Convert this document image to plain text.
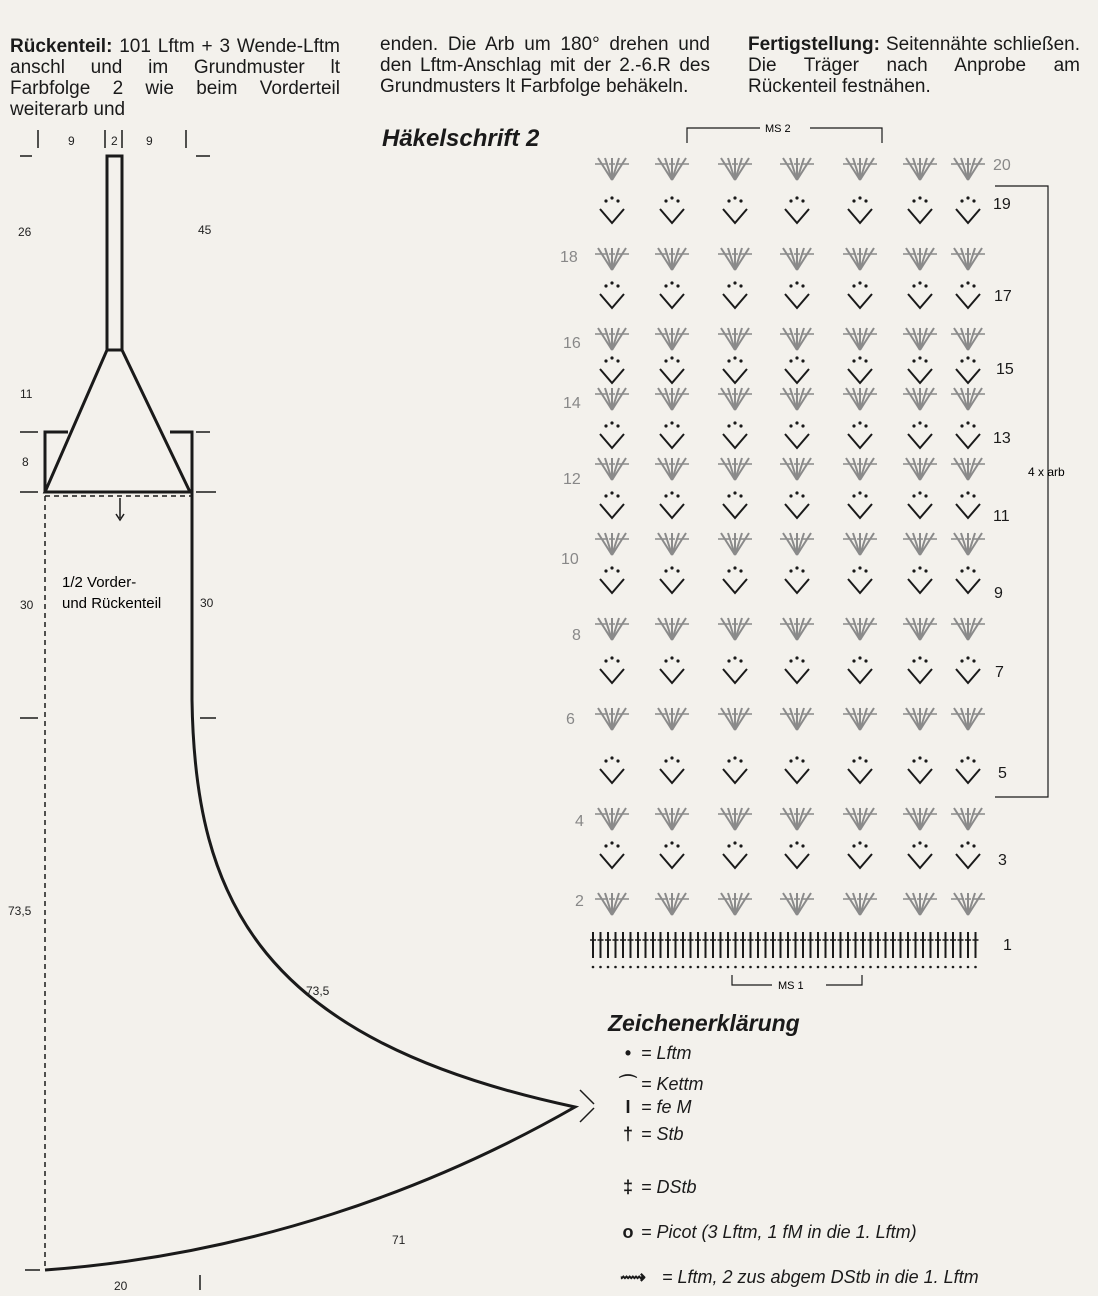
Rückenteil: 101 Lftm + 3 Wende-Lftm anschl und im Grundmuster lt Farbfolge 2 wie beim Vorderteil weiterarb und
enden. Die Arb um 180° drehen und den Lftm-Anschlag mit der 2.-6.R des Grundmusters lt Farbfolge behäkeln.
Fertigstellung: Seitennähte schließen. Die Träger nach Anprobe am Rückenteil festnähen.
Häkelschrift 2
9	2 9
26	45
11
8
30	30
73,5
73,5
20
71
1/2 Vorder-
und Rückenteil
MS 2
MS 1
4 x arb
1
3
5
7
9
11
13
15
17
19
20
2
4
6
8
10
12
14
16
18
Zeichenerklärung
• = Lftm
⌒ = Kettm
I = fe M
† = Stb
‡ = DStb
o = Picot (3 Lftm, 1 fM in die 1. Lftm)
⟿ = Lftm, 2 zus abgem DStb in die 1. Lftm
